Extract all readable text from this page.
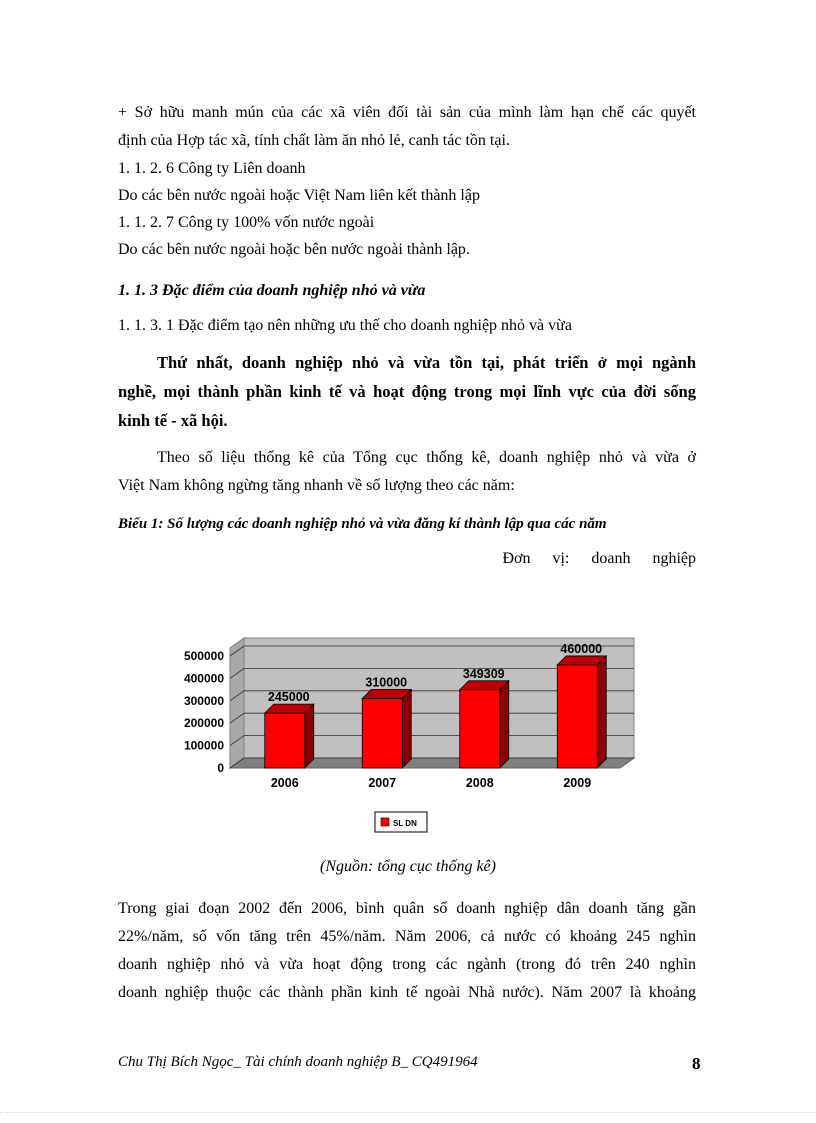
+ Sở hữu manh mún của các xã viên đối tài sản của mình làm hạn chế các quyết
định của Hợp tác xã, tính chất làm ăn nhỏ lẻ, canh tác tồn tại.
1. 1. 2. 6 Công ty Liên doanh
Do các bên nước ngoài hoặc Việt Nam liên kết thành lập
1. 1. 2. 7 Công ty 100% vốn nước ngoài
Do các bên nước ngoài hoặc bên nước ngoài thành lập.
1. 1. 3 Đặc điểm của doanh nghiệp nhỏ và vừa
1. 1. 3. 1 Đặc điểm tạo nên những ưu thế cho doanh nghiệp nhỏ và vừa
Thứ nhất, doanh nghiệp nhỏ và vừa tồn tại, phát triển ở mọi ngành
nghề, mọi thành phần kinh tế và hoạt động trong mọi lĩnh vực của đời sống
kinh tế - xã hội.
Theo số liệu thống kê của Tổng cục thống kê, doanh nghiệp nhỏ và vừa ở
Việt Nam không ngừng tăng nhanh về số lượng theo các năm:
Biểu 1: Số lượng các doanh nghiệp nhỏ và vừa đăng kí thành lập qua các năm
Đơn vị: doanh nghiệp
0
100000
200000
300000
400000
500000
245000
2006
310000
2007
349309
2008
460000
2009
SL DN
(Nguồn: tổng cục thống kê)
Trong giai đoạn 2002 đến 2006, bình quân số doanh nghiệp dân doanh tăng gần
22%/năm, số vốn tăng trên 45%/năm. Năm 2006, cả nước có khoảng 245 nghìn
doanh nghiệp nhỏ và vừa hoạt động trong các ngành (trong đó trên 240 nghìn
doanh nghiệp thuộc các thành phần kinh tế ngoài Nhà nước). Năm 2007 là khoảng
Chu Thị Bích Ngọc_ Tài chính doanh nghiệp B_ CQ491964	8
